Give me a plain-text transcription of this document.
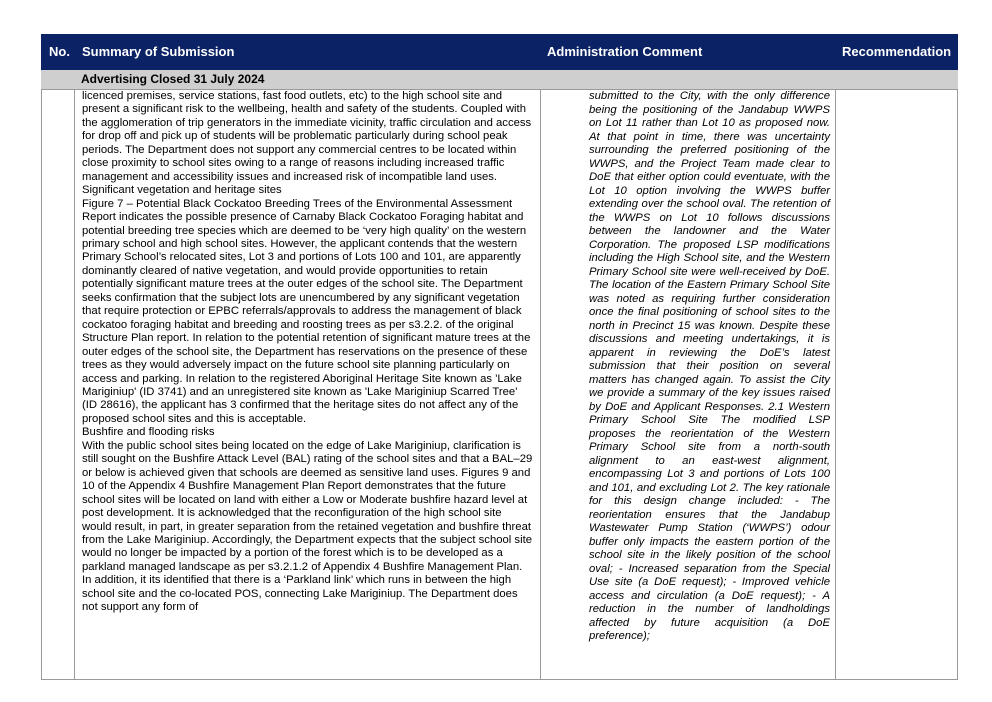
No. Summary of Submission	Administration Comment	Recommendation
Advertising Closed 31 July 2024

licenced premises, service stations, fast food outlets, etc) to the high school site and present a significant risk to the wellbeing, health and safety of the students. Coupled with the agglomeration of trip generators in the immediate vicinity, traffic circulation and access for drop off and pick up of students will be problematic particularly during school peak periods. The Department does not support any commercial centres to be located within close proximity to school sites owing to a range of reasons including increased traffic management and accessibility issues and increased risk of incompatible land uses.

Significant vegetation and heritage sites

Figure 7 – Potential Black Cockatoo Breeding Trees of the Environmental Assessment Report indicates the possible presence of Carnaby Black Cockatoo Foraging habitat and potential breeding tree species which are deemed to be ‘very high quality’ on the western primary school and high school sites. However, the applicant contends that the western Primary School’s relocated sites, Lot 3 and portions of Lots 100 and 101, are apparently dominantly cleared of native vegetation, and would provide opportunities to retain potentially significant mature trees at the outer edges of the school site. The Department seeks confirmation that the subject lots are unencumbered by any significant vegetation that require protection or EPBC referrals/approvals to address the management of black cockatoo foraging habitat and breeding and roosting trees as per s3.2.2. of the original Structure Plan report. In relation to the potential retention of significant mature trees at the outer edges of the school site, the Department has reservations on the presence of these trees as they would adversely impact on the future school site planning particularly on access and parking. In relation to the registered Aboriginal Heritage Site known as 'Lake Mariginiup' (ID 3741) and an unregistered site known as 'Lake Mariginiup Scarred Tree' (ID 28616), the applicant has 3 confirmed that the heritage sites do not affect any of the proposed school sites and this is acceptable.

Bushfire and flooding risks

With the public school sites being located on the edge of Lake Mariginiup, clarification is still sought on the Bushfire Attack Level (BAL) rating of the school sites and that a BAL–29 or below is achieved given that schools are deemed as sensitive land uses. Figures 9 and 10 of the Appendix 4 Bushfire Management Plan Report demonstrates that the future school sites will be located on land with either a Low or Moderate bushfire hazard level at post development. It is acknowledged that the reconfiguration of the high school site would result, in part, in greater separation from the retained vegetation and bushfire threat from the Lake Mariginiup. Accordingly, the Department expects that the subject school site would no longer be impacted by a portion of the forest which is to be developed as a parkland managed landscape as per s3.2.1.2 of Appendix 4 Bushfire Management Plan. In addition, it its identified that there is a ‘Parkland link’ which runs in between the high school site and the co-located POS, connecting Lake Mariginiup. The Department does not support any form of

submitted to the City, with the only difference being the positioning of the Jandabup WWPS on Lot 11 rather than Lot 10 as proposed now. At that point in time, there was uncertainty surrounding the preferred positioning of the WWPS, and the Project Team made clear to DoE that either option could eventuate, with the Lot 10 option involving the WWPS buffer extending over the school oval. The retention of the WWPS on Lot 10 follows discussions between the landowner and the Water Corporation. The proposed LSP modifications including the High School site, and the Western Primary School site were well-received by DoE. The location of the Eastern Primary School Site was noted as requiring further consideration once the final positioning of school sites to the north in Precinct 15 was known. Despite these discussions and meeting undertakings, it is apparent in reviewing the DoE’s latest submission that their position on several matters has changed again. To assist the City we provide a summary of the key issues raised by DoE and Applicant Responses. 2.1 Western Primary School Site The modified LSP proposes the reorientation of the Western Primary School site from a north-south alignment to an east-west alignment, encompassing Lot 3 and portions of Lots 100 and 101, and excluding Lot 2. The key rationale for this design change included: - The reorientation ensures that the Jandabup Wastewater Pump Station (‘WWPS’) odour buffer only impacts the eastern portion of the school site in the likely position of the school oval; - Increased separation from the Special Use site (a DoE request); - Improved vehicle access and circulation (a DoE request); - A reduction in the number of landholdings affected by future acquisition (a DoE preference);
